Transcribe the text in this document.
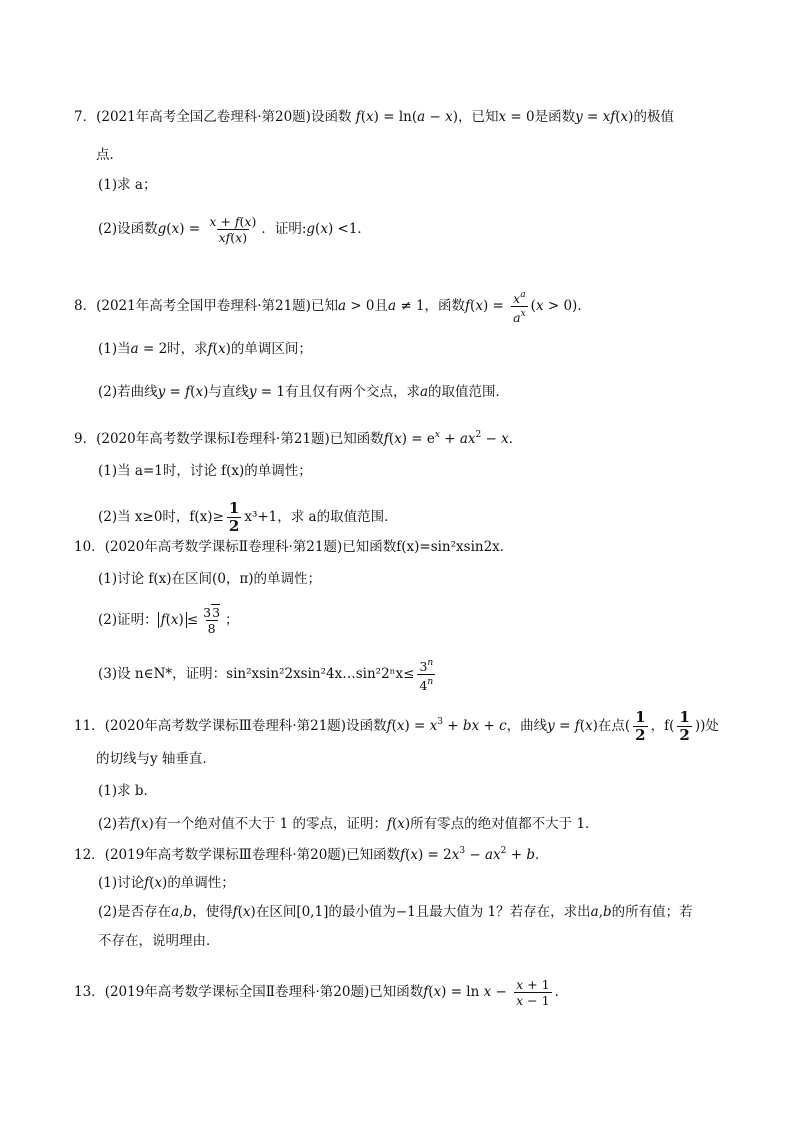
7．(2021年高考全国乙卷理科·第20题)设函数 f(x) = ln(a − x)，已知x = 0是函数y = xf(x)的极值
点．
(1)求 a；
(2)设函数$g(x) = \frac{x + f(x)}{xf(x)}$ ．证明:g(x) <1．
8．(2021年高考全国甲卷理科·第21题)已知a > 0且a ≠ 1，函数$f(x) = \frac{x^a}{a^x} (x > 0)$．
(1)当a = 2时，求f(x)的单调区间；
(2)若曲线y = f(x)与直线y = 1有且仅有两个交点，求a的取值范围．
9．(2020年高考数学课标Ⅰ卷理科·第21题)已知函数$f(x) = e^x + ax^2 - x$．
(1)当 a=1时，讨论 f(x)的单调性；
(2)当 x≥0时，$f(x)\ge \frac{1}{2} x^3+1$，求 a的取值范围．
10．(2020年高考数学课标Ⅱ卷理科·第21题)已知函数f(x)=sin²xsin2x．
(1)讨论 f(x)在区间(0，π)的单调性；
(2)证明： $f(x) \le \frac{33}{8}$ ；
(3)设 n∈N*，证明：sin²xsin²2xsin²4x…sin²2ⁿx≤ $\frac{3^n}{4^n}$
11．(2020年高考数学课标Ⅲ卷理科·第21题)设函数$f(x) = x^3$ + bx + c，曲线y = f(x)在点( $\frac{1}{2}$ ，$f( \frac{1}{2}$ ))处
的切线与y 轴垂直．
(1)求 b．
(2)若f(x)有一个绝对值不大于 1 的零点，证明：f(x)所有零点的绝对值都不大于 1．
12．(2019年高考数学课标Ⅲ卷理科·第20题)已知函数$f(x) = 2x^3 - ax^2 + b$．
(1)讨论f(x)的单调性；
(2)是否存在a,b，使得f(x)在区间[0,1]的最小值为−1且最大值为 1？若存在，求出a,b的所有值；若
不存在，说明理由．
13．(2019年高考数学课标全国Ⅱ卷理科·第20题)已知函数$f(x) = \ln x - \frac{x + 1}{x - 1}$ ．
